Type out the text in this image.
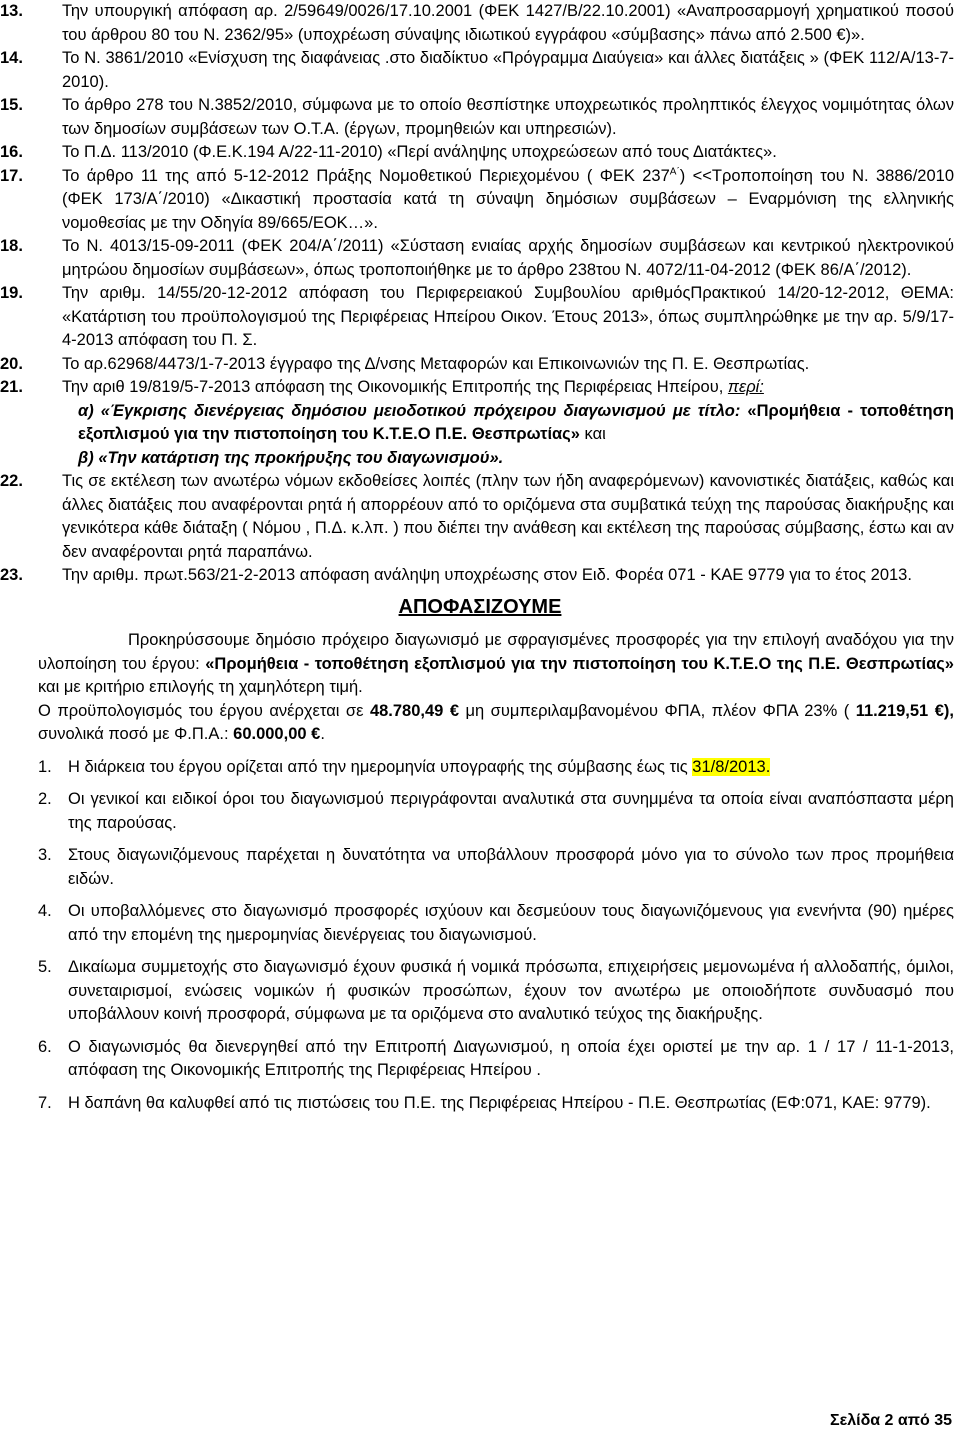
13.	Την υπουργική απόφαση αρ. 2/59649/0026/17.10.2001 (ΦΕΚ 1427/Β/22.10.2001) «Αναπροσαρμογή χρηματικού ποσού του άρθρου 80 του Ν. 2362/95» (υποχρέωση σύναψης ιδιωτικού εγγράφου «σύμβασης» πάνω από 2.500 €)».
14.	Το Ν. 3861/2010 «Ενίσχυση της διαφάνειας .στο διαδίκτυο «Πρόγραμμα Διαύγεια» και άλλες διατάξεις » (ΦΕΚ 112/Α/13-7-2010).
15.	Το άρθρο 278 του Ν.3852/2010, σύμφωνα με το οποίο θεσπίστηκε υποχρεωτικός προληπτικός έλεγχος νομιμότητας όλων των δημοσίων συμβάσεων των Ο.Τ.Α. (έργων, προμηθειών και υπηρεσιών).
16.	Το Π.Δ. 113/2010 (Φ.Ε.Κ.194 Α/22-11-2010) «Περί ανάληψης υποχρεώσεων από τους Διατάκτες».
17.	Το άρθρο 11 της από 5-12-2012 Πράξης Νομοθετικού Περιεχομένου ( ΦΕΚ $237^{A΄}) <<T\rho o\pi o\pi oί\eta\sigma\eta$ του Ν. 3886/2010 (ΦΕΚ 173/Α΄/2010) «Δικαστική προστασία κατά τη σύναψη δημόσιων συμβάσεων – Εναρμόνιση της ελληνικής νομοθεσίας με την Οδηγία 89/665/ΕΟΚ…».
18.	Το Ν. 4013/15-09-2011 (ΦΕΚ 204/Α΄/2011) «Σύσταση ενιαίας αρχής δημοσίων συμβάσεων και κεντρικού ηλεκτρονικού μητρώου δημοσίων συμβάσεων», όπως τροποποιήθηκε με το άρθρο 238του Ν. 4072/11-04-2012 (ΦΕΚ 86/Α΄/2012).
19.	Την αριθμ. 14/55/20-12-2012 απόφαση του Περιφερειακού Συμβουλίου αριθμόςΠρακτικού 14/20-12-2012, ΘΕΜΑ: «Κατάρτιση του προϋπολογισμού της Περιφέρειας Ηπείρου Οικον. Έτους 2013», όπως συμπληρώθηκε με την αρ. 5/9/17-4-2013 απόφαση του Π. Σ.
20.	Το αρ.62968/4473/1-7-2013 έγγραφο της Δ/νσης Μεταφορών και Επικοινωνιών της Π. Ε. Θεσπρωτίας.
21.	Την αριθ 19/819/5-7-2013 απόφαση της Οικονομικής Επιτροπής της Περιφέρειας Ηπείρου, περί:
α) «Έγκρισης διενέργειας δημόσιου μειοδοτικού πρόχειρου διαγωνισμού με τίτλο: «Προμήθεια - τοποθέτηση εξοπλισμού για την πιστοποίηση του Κ.Τ.Ε.Ο Π.Ε. Θεσπρωτίας» και
β) «Την κατάρτιση της προκήρυξης του διαγωνισμού».
22.	Τις σε εκτέλεση των ανωτέρω νόμων εκδοθείσες λοιπές (πλην των ήδη αναφερόμενων) κανονιστικές διατάξεις, καθώς και άλλες διατάξεις που αναφέρονται ρητά ή απορρέουν από το οριζόμενα στα συμβατικά τεύχη της παρούσας διακήρυξης και γενικότερα κάθε διάταξη ( Νόμου , Π.Δ. κ.λπ. ) που διέπει την ανάθεση και εκτέλεση της παρούσας σύμβασης, έστω και αν δεν αναφέρονται ρητά παραπάνω.
23.	Την αριθμ. πρωτ.563/21-2-2013 απόφαση ανάληψη υποχρέωσης στον Ειδ. Φορέα 071 - ΚΑΕ 9779 για το έτος 2013.
ΑΠΟΦΑΣΙΖΟΥΜΕ
Προκηρύσσουμε δημόσιο πρόχειρο διαγωνισμό με σφραγισμένες προσφορές για την επιλογή αναδόχου για την υλοποίηση του έργου: «Προμήθεια - τοποθέτηση εξοπλισμού για την πιστοποίηση του Κ.Τ.Ε.Ο της Π.Ε. Θεσπρωτίας» και με κριτήριο επιλογής τη χαμηλότερη τιμή.
Ο προϋπολογισμός του έργου ανέρχεται σε 48.780,49 € μη συμπεριλαμβανομένου ΦΠΑ, πλέον ΦΠΑ 23% ( 11.219,51 €), συνολικά ποσό με Φ.Π.Α.: 60.000,00 €.
1. Η διάρκεια του έργου ορίζεται από την ημερομηνία υπογραφής της σύμβασης έως τις 31/8/2013.
2. Οι γενικοί και ειδικοί όροι του διαγωνισμού περιγράφονται αναλυτικά στα συνημμένα τα οποία είναι αναπόσπαστα μέρη της παρούσας.
3. Στους διαγωνιζόμενους παρέχεται η δυνατότητα να υποβάλλουν προσφορά μόνο για το σύνολο των προς προμήθεια ειδών.
4. Οι υποβαλλόμενες στο διαγωνισμό προσφορές ισχύουν και δεσμεύουν τους διαγωνιζόμενους για ενενήντα (90) ημέρες από την επομένη της ημερομηνίας διενέργειας του διαγωνισμού.
5. Δικαίωμα συμμετοχής στο διαγωνισμό έχουν φυσικά ή νομικά πρόσωπα, επιχειρήσεις μεμονωμένα ή αλλοδαπής, όμιλοι, συνεταιρισμοί, ενώσεις νομικών ή φυσικών προσώπων, έχουν τον ανωτέρω με οποιοδήποτε συνδυασμό που υποβάλλουν κοινή προσφορά, σύμφωνα με τα οριζόμενα στο αναλυτικό τεύχος της διακήρυξης.
6. Ο διαγωνισμός θα διενεργηθεί από την Επιτροπή Διαγωνισμού, η οποία έχει οριστεί με την αρ. 1 / 17 / 11-1-2013, απόφαση της Οικονομικής Επιτροπής της Περιφέρειας Ηπείρου .
7. Η δαπάνη θα καλυφθεί από τις πιστώσεις του Π.Ε. της Περιφέρειας Ηπείρου - Π.Ε. Θεσπρωτίας (ΕΦ:071, ΚΑΕ: 9779).
Σελίδα 2 από 35
